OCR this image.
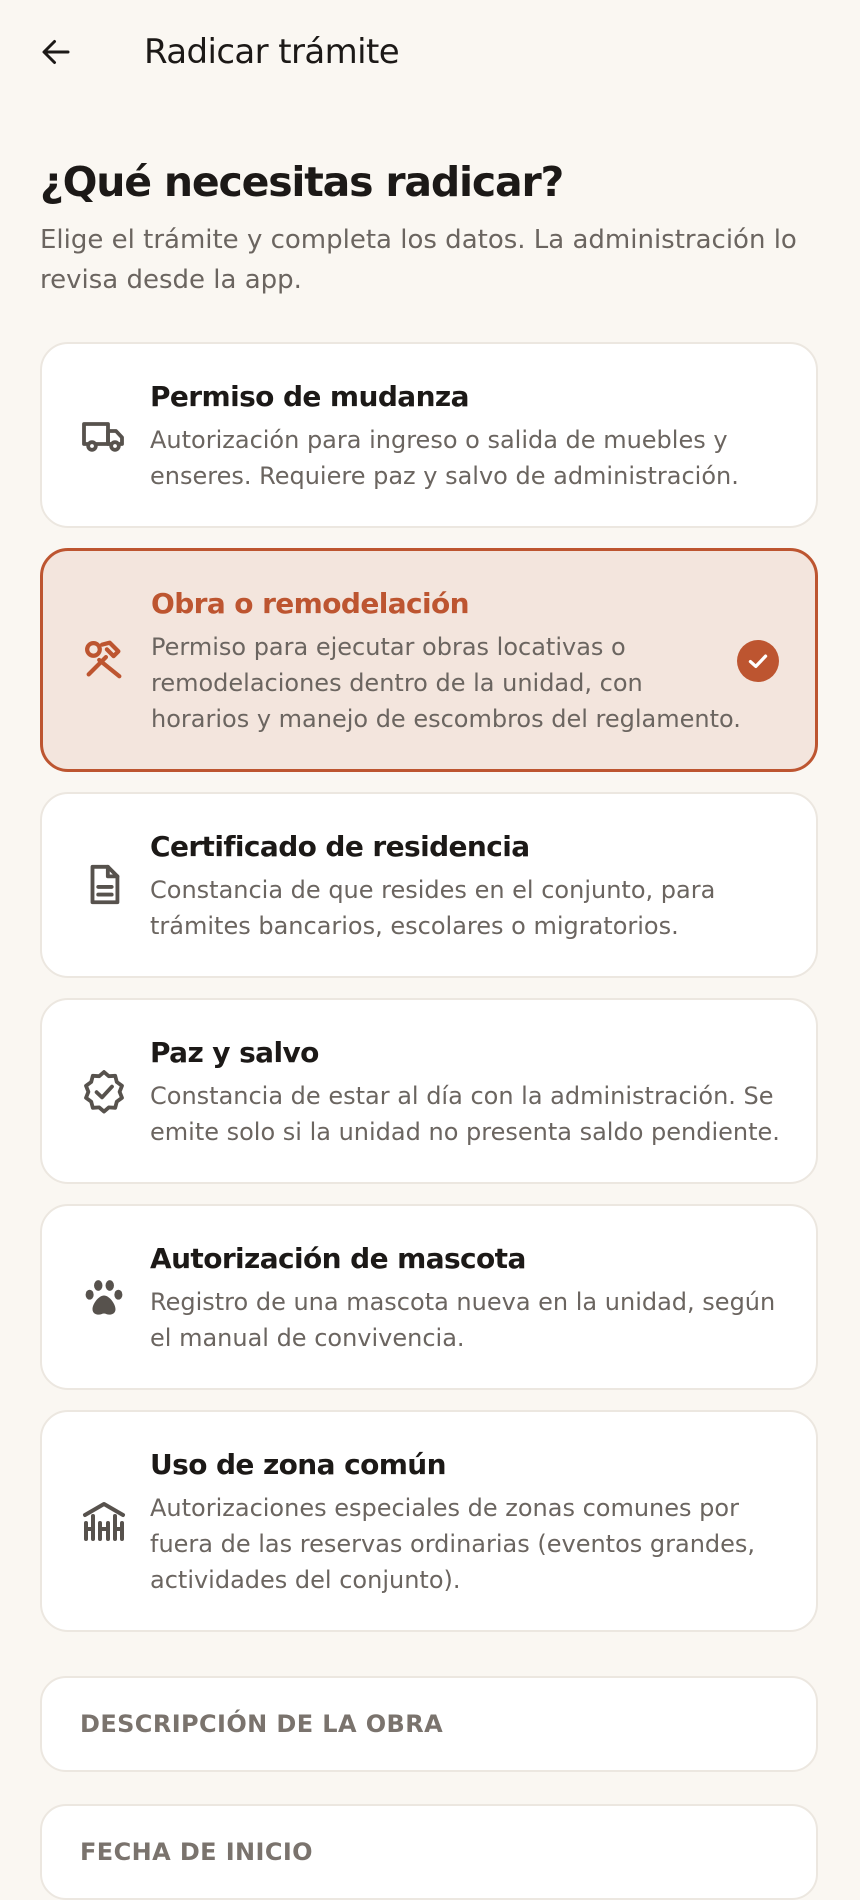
Radicar trámite
¿Qué necesitas radicar?

Elige el trámite y completa los datos. La administración lo revisa desde la app.

Permiso de mudanza
Autorización para ingreso o salida de muebles y enseres. Requiere paz y salvo de administración.
Obra o remodelación
Permiso para ejecutar obras locativas o remodelaciones dentro de la unidad, con horarios y manejo de escombros del reglamento.
Certificado de residencia
Constancia de que resides en el conjunto, para trámites bancarios, escolares o migratorios.
Paz y salvo
Constancia de estar al día con la administración. Se emite solo si la unidad no presenta saldo pendiente.
Autorización de mascota
Registro de una mascota nueva en la unidad, según el manual de convivencia.
Uso de zona común
Autorizaciones especiales de zonas comunes por fuera de las reservas ordinarias (eventos grandes, actividades del conjunto).
DESCRIPCIÓN DE LA OBRA
FECHA DE INICIO
